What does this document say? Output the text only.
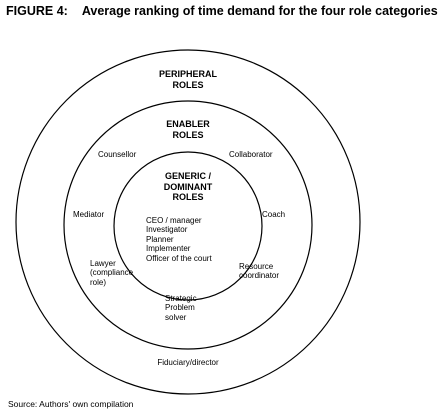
FIGURE 4: Average ranking of time demand for the four role categories
PERIPHERAL
ROLES
ENABLER
ROLES
GENERIC /
DOMINANT
ROLES
Counsellor	Collaborator
Mediator	Coach
CEO / manager
Investigator
Planner
Implementer
Officer of the court
Lawyer
(compliance
role)
Resource
coordinator
Strategic
Problem
solver
Fiduciary/director
Source: Authors' own compilation
